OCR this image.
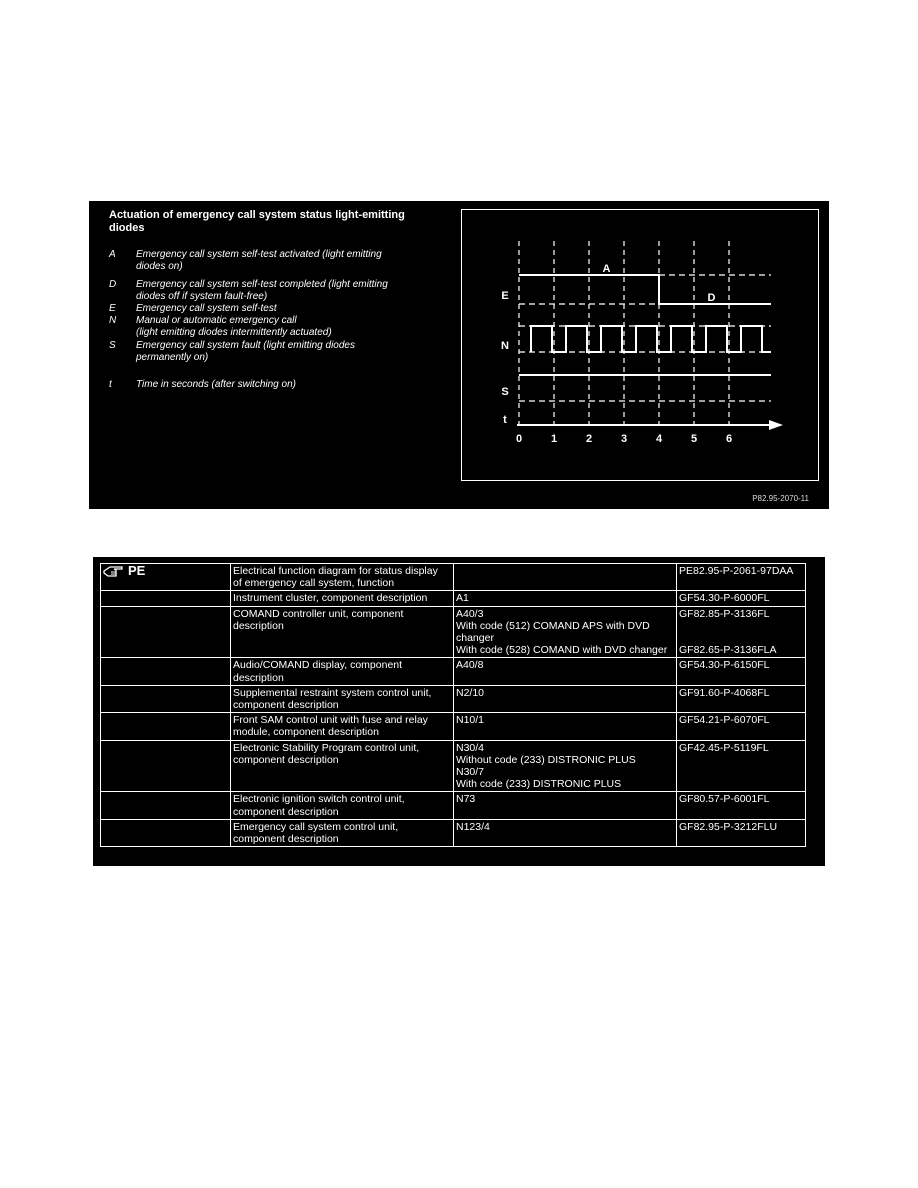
Actuation of emergency call system status light-emitting
diodes
A	Emergency call system self-test activated (light emitting
diodes on)
D	Emergency call system self-test completed (light emitting
diodes off if system fault-free)
E	Emergency call system self-test
N	Manual or automatic emergency call
(light emitting diodes intermittently actuated)
S	Emergency call system fault (light emitting diodes
permanently on)
t	Time in seconds (after switching on)
E
N
S
t
0	1	2	3	4	5	6
A
D
P82.95-2070-11
PE	Electrical function diagram for status display
of emergency call system, function		PE82.95-P-2061-97DAA

	Instrument cluster, component description	A1	GF54.30-P-6000FL

	COMAND controller unit, component
description	A40/3
With code (512) COMAND APS with DVD
changer
With code (528) COMAND with DVD changer	GF82.85-P-3136FL
GF82.65-P-3136FLA

	Audio/COMAND display, component
description	A40/8	GF54.30-P-6150FL

	Supplemental restraint system control unit,
component description	N2/10	GF91.60-P-4068FL

	Front SAM control unit with fuse and relay
module, component description	N10/1	GF54.21-P-6070FL

	Electronic Stability Program control unit,
component description	N30/4
Without code (233) DISTRONIC PLUS
N30/7
With code (233) DISTRONIC PLUS	GF42.45-P-5119FL

	Electronic ignition switch control unit,
component description	N73	GF80.57-P-6001FL

	Emergency call system control unit,
component description	N123/4	GF82.95-P-3212FLU
